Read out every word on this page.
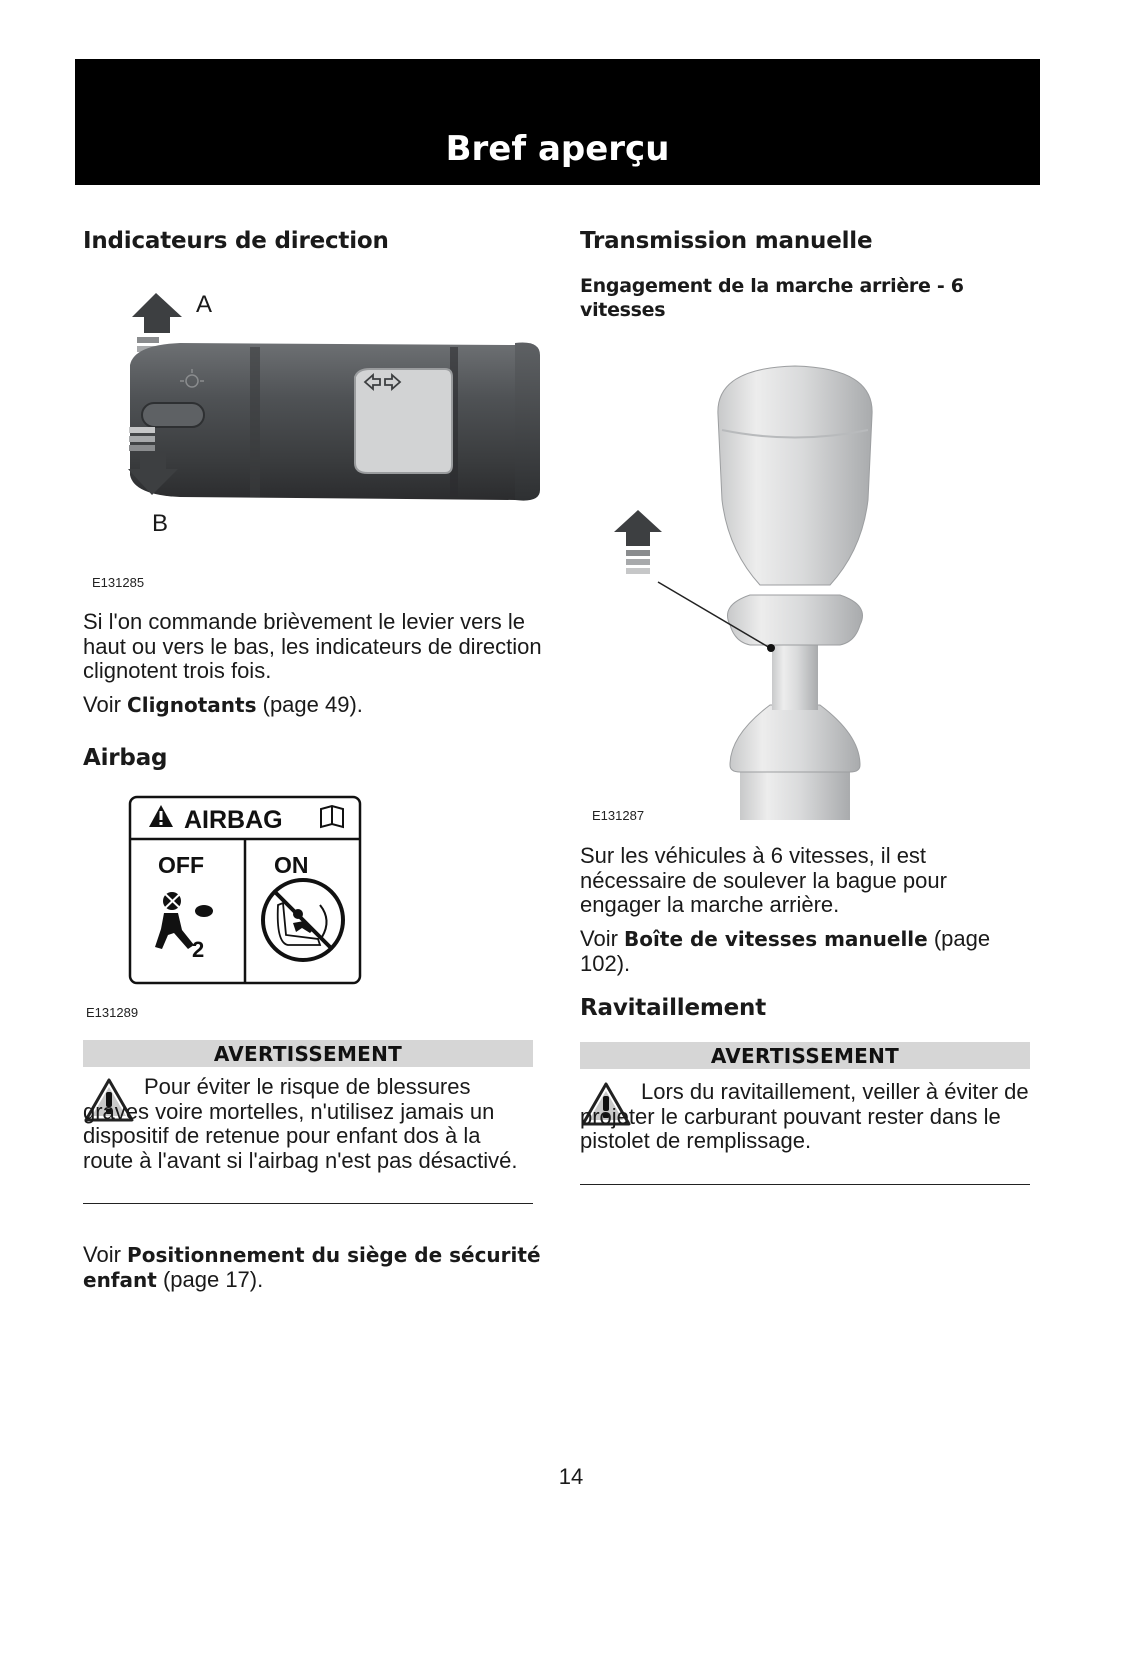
Bref aperçu
Indicateurs de direction
A
B
E131285

Si l'on commande brièvement le levier vers le haut ou vers le bas, les indicateurs de direction clignotent trois fois.

Voir Clignotants (page 49).

Airbag
AIRBAG
OFF	ON
2
E131289
AVERTISSEMENT

Pour éviter le risque de blessures graves voire mortelles, n'utilisez jamais un dispositif de retenue pour enfant dos à la route à l'avant si l'airbag n'est pas désactivé.

Voir Positionnement du siège de sécurité enfant (page 17).

Transmission manuelle
Engagement de la marche arrière - 6 vitesses
E131287

Sur les véhicules à 6 vitesses, il est nécessaire de soulever la bague pour engager la marche arrière.

Voir Boîte de vitesses manuelle (page 102).

Ravitaillement
AVERTISSEMENT

Lors du ravitaillement, veiller à éviter de projeter le carburant pouvant rester dans le pistolet de remplissage.

14
